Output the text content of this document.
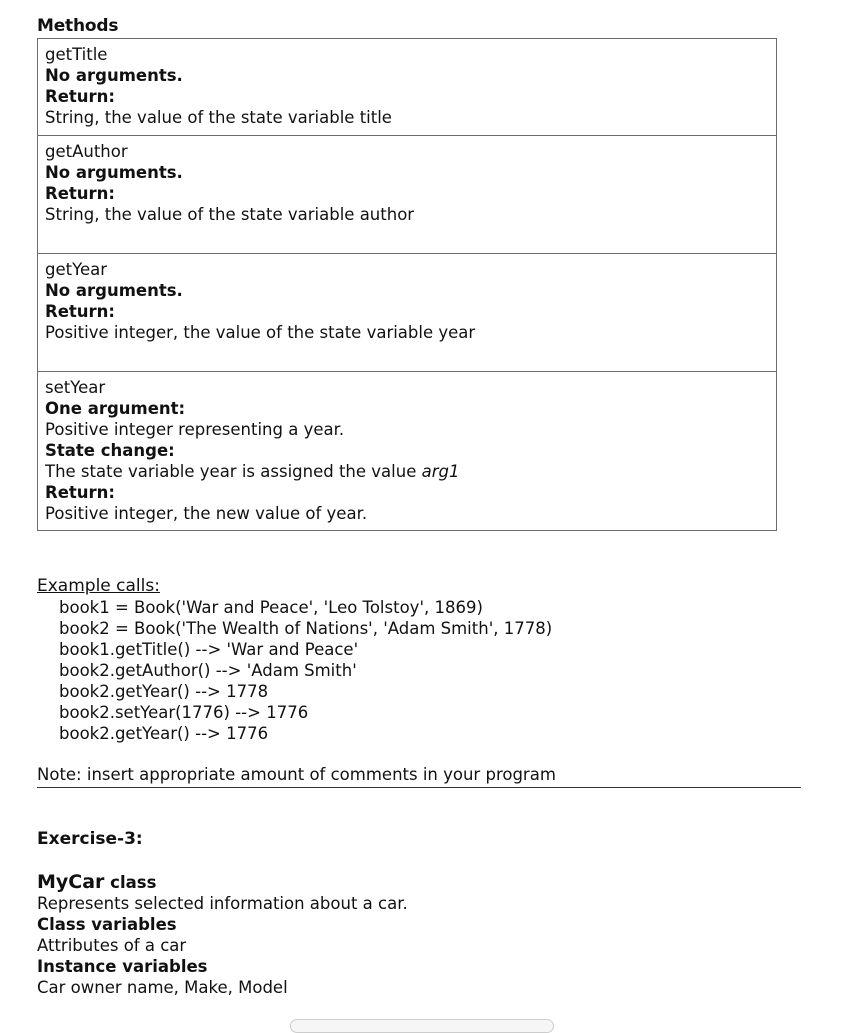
Methods
getTitle
No arguments.
Return:
String, the value of the state variable title
getAuthor
No arguments.
Return:
String, the value of the state variable author
getYear
No arguments.
Return:
Positive integer, the value of the state variable year
setYear
One argument:
Positive integer representing a year.
State change:
The state variable year is assigned the value arg1
Return:
Positive integer, the new value of year.
Example calls:
book1 = Book('War and Peace', 'Leo Tolstoy', 1869)
book2 = Book('The Wealth of Nations', 'Adam Smith', 1778)
book1.getTitle() --> 'War and Peace'
book2.getAuthor() --> 'Adam Smith'
book2.getYear() --> 1778
book2.setYear(1776) --> 1776
book2.getYear() --> 1776
Note: insert appropriate amount of comments in your program
Exercise-3:
MyCar class
Represents selected information about a car.
Class variables
Attributes of a car
Instance variables
Car owner name, Make, Model
